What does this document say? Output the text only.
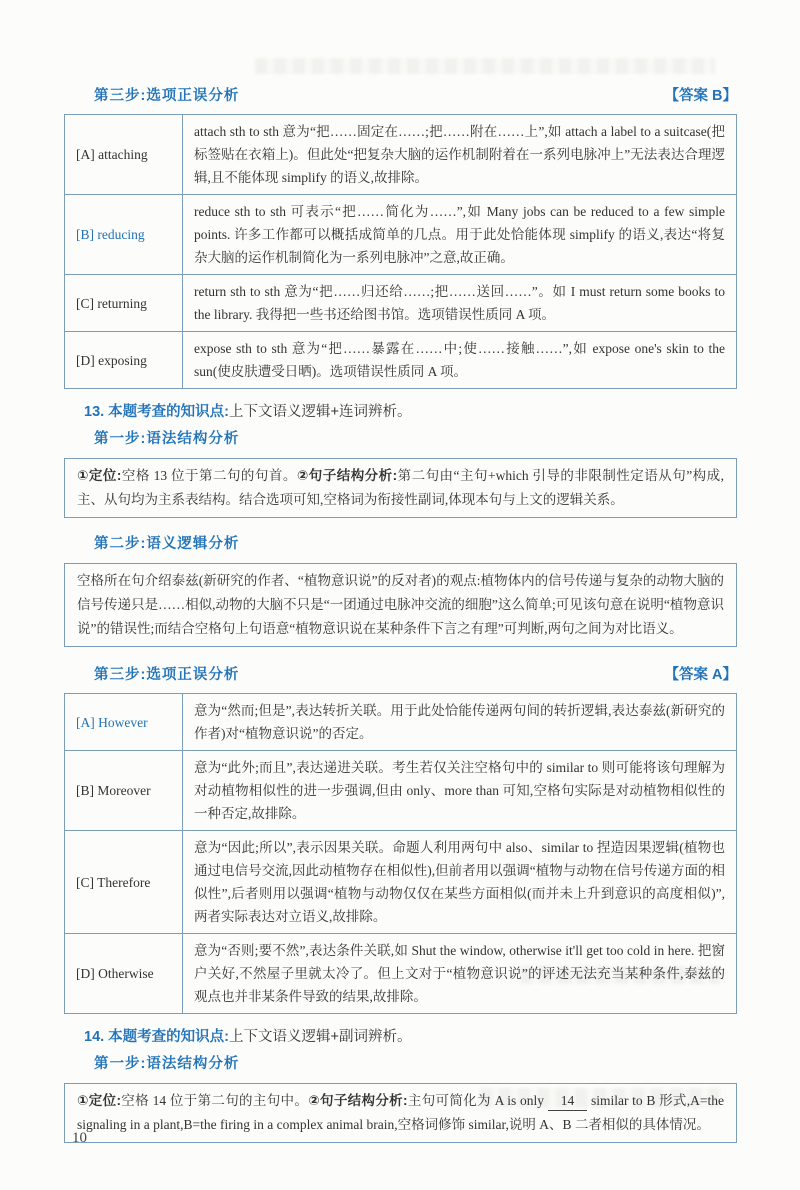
第三步:选项正误分析	【答案 B】
[A] attaching	attach sth to sth 意为“把……固定在……;把……附在……上”,如 attach a label to a suitcase(把标签贴在衣箱上)。但此处“把复杂大脑的运作机制附着在一系列电脉冲上”无法表达合理逻辑,且不能体现 simplify 的语义,故排除。
[B] reducing	reduce sth to sth 可表示“把……简化为……”,如 Many jobs can be reduced to a few simple points. 许多工作都可以概括成简单的几点。用于此处恰能体现 simplify 的语义,表达“将复杂大脑的运作机制简化为一系列电脉冲”之意,故正确。
[C] returning	return sth to sth 意为“把……归还给……;把……送回……”。如 I must return some books to the library. 我得把一些书还给图书馆。选项错误性质同 A 项。
[D] exposing	expose sth to sth 意为“把……暴露在……中;使……接触……”,如 expose one's skin to the sun(使皮肤遭受日晒)。选项错误性质同 A 项。
13. 本题考查的知识点:上下文语义逻辑+连词辨析。
第一步:语法结构分析
①定位:空格 13 位于第二句的句首。②句子结构分析:第二句由“主句+which 引导的非限制性定语从句”构成,主、从句均为主系表结构。结合选项可知,空格词为衔接性副词,体现本句与上文的逻辑关系。
第二步:语义逻辑分析
空格所在句介绍泰兹(新研究的作者、“植物意识说”的反对者)的观点:植物体内的信号传递与复杂的动物大脑的信号传递只是……相似,动物的大脑不只是“一团通过电脉冲交流的细胞”这么简单;可见该句意在说明“植物意识说”的错误性;而结合空格句上句语意“植物意识说在某种条件下言之有理”可判断,两句之间为对比语义。
第三步:选项正误分析	【答案 A】
[A] However	意为“然而;但是”,表达转折关联。用于此处恰能传递两句间的转折逻辑,表达泰兹(新研究的作者)对“植物意识说”的否定。
[B] Moreover	意为“此外;而且”,表达递进关联。考生若仅关注空格句中的 similar to 则可能将该句理解为对动植物相似性的进一步强调,但由 only、more than 可知,空格句实际是对动植物相似性的一种否定,故排除。
[C] Therefore	意为“因此;所以”,表示因果关联。命题人利用两句中 also、similar to 捏造因果逻辑(植物也通过电信号交流,因此动植物存在相似性),但前者用以强调“植物与动物在信号传递方面的相似性”,后者则用以强调“植物与动物仅仅在某些方面相似(而并未上升到意识的高度相似)”,两者实际表达对立语义,故排除。
[D] Otherwise	意为“否则;要不然”,表达条件关联,如 Shut the window, otherwise it'll get too cold in here. 把窗户关好,不然屋子里就太冷了。但上文对于“植物意识说”的评述无法充当某种条件,泰兹的观点也并非某条件导致的结果,故排除。
14. 本题考查的知识点:上下文语义逻辑+副词辨析。
第一步:语法结构分析
①定位:空格 14 位于第二句的主句中。②句子结构分析:主句可简化为 A is only 14 similar to B 形式,A=the signaling in a plant,B=the firing in a complex animal brain,空格词修饰 similar,说明 A、B 二者相似的具体情况。
10
